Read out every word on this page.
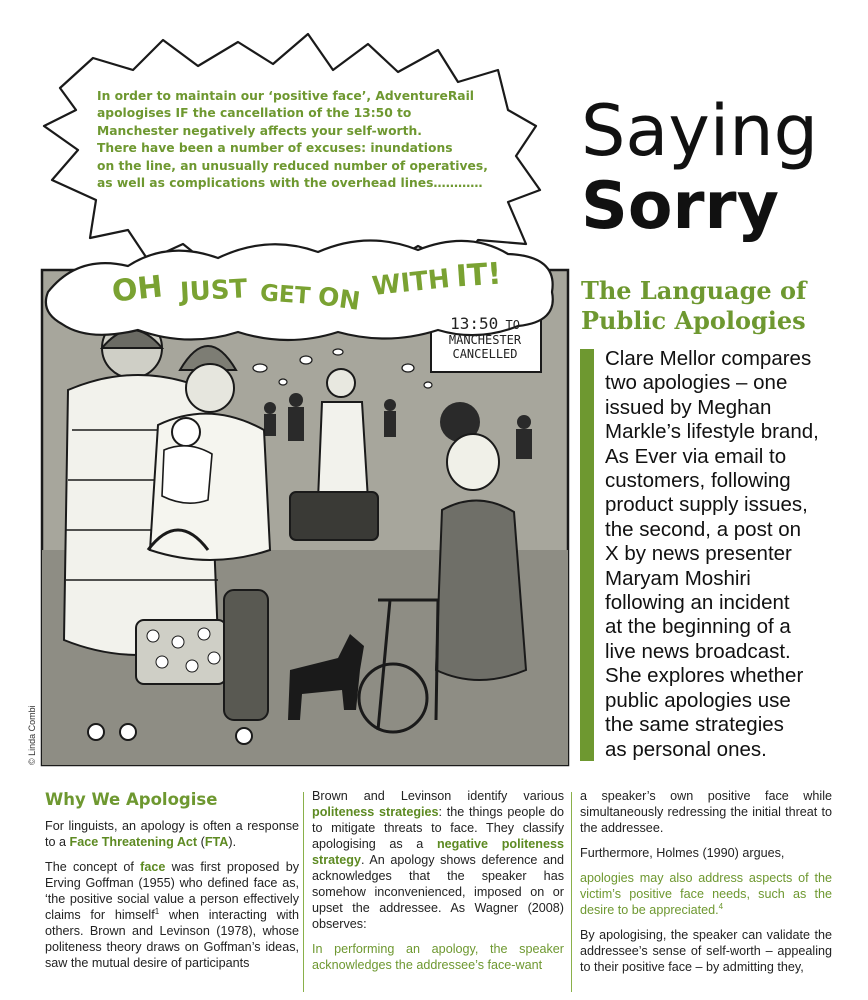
In order to maintain our ‘positive face’, AdventureRail
apologises IF the cancellation of the 13:50 to
Manchester negatively affects your self-worth.
There have been a number of excuses: inundations
on the line, an unusually reduced number of operatives,
as well as complications with the overhead lines…………
OH JUST GET ON WITH IT!
13:50 TO
MANCHESTER
CANCELLED
© Linda Combi
Saying
Sorry
The Language of
Public Apologies
Clare Mellor compares
two apologies – one
issued by Meghan
Markle’s lifestyle brand,
As Ever via email to
customers, following
product supply issues,
the second, a post on
X by news presenter
Maryam Moshiri
following an incident
at the beginning of a
live news broadcast.
She explores whether
public apologies use
the same strategies
as personal ones.
Why We Apologise

For linguists, an apology is often a response to a Face Threatening Act (FTA).

The concept of face was first proposed by Erving Goffman (1955) who defined face as, ‘the positive social value a person effectively claims for himself$^1$ when interacting with others. Brown and Levinson (1978), whose politeness theory draws on Goffman’s ideas, saw the mutual desire of participants

Brown and Levinson identify various politeness strategies: the things people do to mitigate threats to face. They classify apologising as a negative politeness strategy. An apology shows deference and acknowledges that the speaker has somehow inconvenienced, imposed on or upset the addressee. As Wagner (2008) observes:

In performing an apology, the speaker acknowledges the addressee’s face-want

a speaker’s own positive face while simultaneously redressing the initial threat to the addressee.

Furthermore, Holmes (1990) argues,

apologies may also address aspects of the victim’s positive face needs, such as the desire to be appreciated.$^4$

By apologising, the speaker can validate the addressee’s sense of self-worth – appealing to their positive face – by admitting they,
